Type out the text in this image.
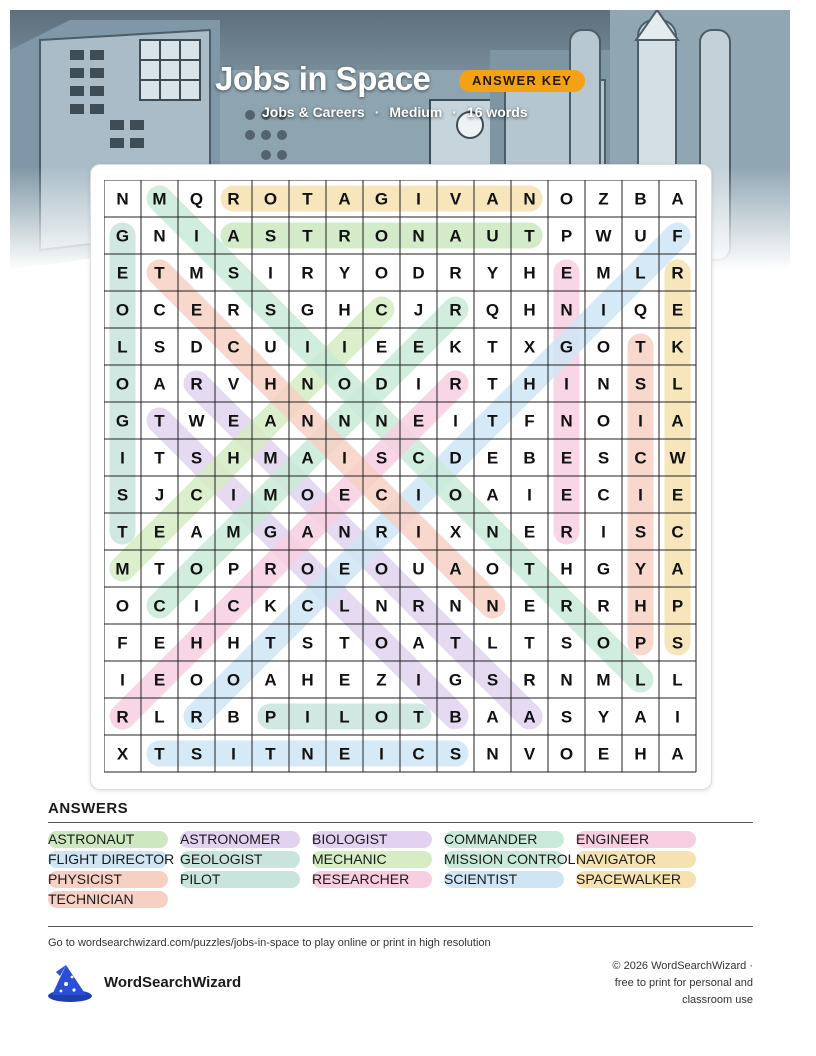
Jobs in Space	ANSWER KEY
Jobs & Careers · Medium · 16 words
N M Q R O T A G I V A N O Z B A
G N I A S T R O N A U T P W U F
E T M S I R Y O D R Y H E M L R
O C E R S G H C J R Q H N I Q E
L S D C U I I E E K T X G O T K
O A R V H N O D I R T H I N S L
G T W E A N N N E I T F N O I A
I T S H M A I S C D E B E S C W
S J C I M O E C I O A I E C I E
T E A M G A N R I X N E R I S C
M T O P R O E O U A O T H G Y A
O C I C K C L N R N N E R R H P
F E H H T S T O A T L T S O P S
I E O O A H E Z I G S R N M L L
R L R B P I L O T B A A S Y A I
X T S I T N E I C S N V O E H A
ANSWERS
ASTRONAUT	ASTRONOMER BIOLOGIST	COMMANDER	ENGINEER
FLIGHT DIRECTOR GEOLOGIST	MECHANIC	MISSION CONTROL NAVIGATOR
PHYSICIST	PILOT	RESEARCHER SCIENTIST	SPACEWALKER
TECHNICIAN
Go to wordsearchwizard.com/puzzles/jobs-in-space to play online or print in high resolution
WordSearchWizard
© 2026 WordSearchWizard ·
free to print for personal and
classroom use
